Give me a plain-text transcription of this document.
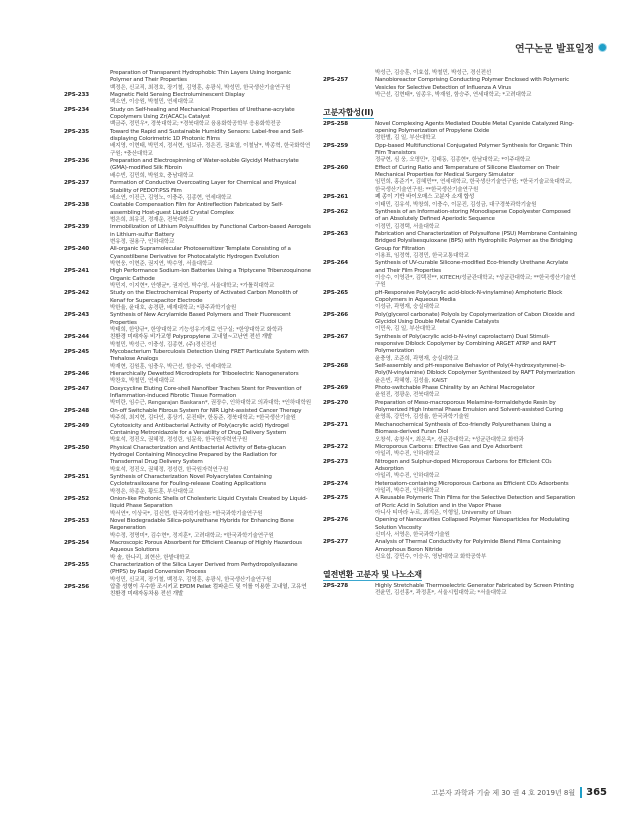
연구논문 발표일정
Preparation of Transparent Hydrophobic Thin Layers Using Inorganic Polymer and Their Properties
백정은, 신교직, 최경호, 장기철, 김영훈, 송광식, 박성민, 한국생산기술연구원
2PS-233	Magnetic Field Sensing Electroluminescent Display
백소연, 이승원, 박철민, 연세대학교
2PS-234	Study on Self-healing and Mechanical Properties of Urethane-acrylate Copolymers Using Zr(ACAC)₄ Catalyst
백금주, 정민우*, 경북대학교; *경북대학교 융용화학공학부 응용화학전공
2PS-235	Toward the Rapid and Sustainable Humidity Sensors: Label-free and Self-displaying Colorimetric 1D Photonic Films
배지영, 이현태, 박민지, 정서현, 임보규, 정은진, 권효열, 이철남*, 박종혁, 한국화학연구원; *충산대학교
2PS-236	Preparation and Electrospinning of Water-soluble Glycidyl Methacrylate (GMA)-modified Silk Fibroin
배수빈, 김민희, 박원호, 충남대학교
2PS-237	Formation of Conductive Overcoating Layer for Chemical and Physical Stability of PEDOT:PSS Film
배소연, 이진근, 김영노, 이충주, 김종현, 연세대학교
2PS-238	Coatable Compensation Film for Antireflection Fabricated by Self-assembling Host-guest Liquid Crystal Complex
범은희, 최유진, 정재운, 전북대학교
2PS-239	Immobilization of Lithium Polysulfides by Functional Carbon-based Aerogels in Lithium-sulfur Battery
변유정, 권용구, 인하대학교
2PS-240	All-organic Supramolecular Photosensitizer Template Consisting of a Cyanostilbene Derivative for Photocatalytic Hydrogen Evolution
박현웅, 이현준, 권지연, 박수영, 서울대학교
2PS-241	High Performance Sodium-ion Batteries Using a Triptycene Tribenzoquinone Organic Cathode
박민지, 이지현*, 안행균*, 권지연, 박수영, 서울대학교; *가톨릭대학교
2PS-242	Study on the Electrochemical Property of Activated Carbon Monolith of Kenaf for Supercapacitor Electrode
박한율, 윤대호, 송경판, 배재대학교; *광주과학기술원
2PS-243	Synthesis of New Acrylamide Based Polymers and Their Fluorescent Properties
박태희, 한양규*, 한양대학교 기능성유기재료 연구실; *한양대학교 화학과
2PS-244	친환경 미래자동 비가교형 Polypropylene 고내열~고난연 전선 개발
박철민, 박성근, 이충성, 김종현, (주)경신전선
2PS-245	Mycobacterium Tuberculosis Detection Using FRET Particulate System with Trehalose Analogs
박재현, 김원훈, 임충우, 박근선, 함승주, 연세대학교
2PS-246	Hierarchically Dewetted Microdroplets for Triboelectric Nanogenerators
박찬호, 박철민, 연세대학교
2PS-247	Doxycycline Eluting Core-shell Nanofiber Traches Stent for Prevention of Inflammation-induced Fibrotic Tissue Formation
박미란, 임수근, Rengarajan Baskaran*, 권장수, 인하대학교 의과대학; *인하대학원
2PS-248	On-off Switchable Fibrous System for NIR Light-assisted Cancer Therapy
박주희, 최지현, 김다인, 홍상기, 문진태*, 한동준, 경북대학교; *한국생산기술원
2PS-249	Cytotoxicity and Antibacterial Activity of Poly(acrylic acid) Hydrogel Containing Metronidazole for a Versatility of Drug Delivery System
박효석, 정진오, 권혜정, 정성린, 임문육, 한국원자력연구원
2PS-250	Physical Characterization and Antibacterial Activity of Beta-glucan Hydrogel Containing Minocycline Prepared by the Radiation for Transdermal Drug Delivery System
박효석, 정진오, 권혜정, 정성린, 한국원자력연구원
2PS-251	Synthesis of Characterization Novel Polyacrylates Containing Cyclotetrasiloxane for Fouling-release Coating Applications
박정은, 하종운, 황도훈, 부산대학교
2PS-252	Onion-like Photonic Shells of Cholesteric Liquid Crystals Created by Liquid-liquid Phase Separation
박서연*, 이상국*, 김신현, 한국과학기술원; *한국과학기술연구원
2PS-253	Novel Biodegradable Silica-polyurethane Hybrids for Enhancing Bone Regeneration
박수정, 정명미*, 김수현*, 정지훈*, 고려대학교; *한국과학기술연구원
2PS-254	Macroscopic Porous Absorbent for Efficient Cleanup of Highly Hazardous Aqueous Solutions
박 솔, 한나리, 최현산, 한밭대학교
2PS-255	Characterization of the Silica Layer Derived from Perhydropolysilazane (PHPS) by Rapid Conversion Process
박성민, 신교직, 장기철, 백정우, 김영훈, 송광식, 한국생산기술연구원
2PS-256	압출 성형이 우수한 조시키교 EPDM Pellet 컴파운드 및 이를 이용한 고내열, 고유연 친환경 미래자동차용 전선 개발
박성근, 김승훈, 이효섭, 박철민, 박성근, 경신전선
2PS-257	Nanobioreactor Comprising Conducting Polymer Enclosed with Polymeric Vesicles for Selective Detection of Influenza A Virus
박근선, 김현태*, 임종우, 박재원, 함승주, 연세대학교; *고려대학교
고분자합성(II)
2PS-258	Novel Complexing Agents Mediated Double Metal Cyanide Catalyzed Ring-opening Polymerization of Propylene Oxide
정한별, 김 일, 부산대학교
2PS-259	Dpp-based Multifunctional Conjugated Polymer Synthesis for Organic Thin Film Transistors
정규현, 심 웅, 오명민*, 김태동, 김종현*, 한남대학교; *이주대학교
2PS-260	Effect of Curing Ratio and Temperature of Silicone Elastomer on Their Mechanical Properties for Medical Surgery Simulator
임민희, 홍준기*, 김혜민**, 연세대학교, 한국생산기술연구원; *한국기술교육대학교, 한국생산기술연구원; **한국생산기술연구원
2PS-261	폐 종이 기반 바이오매스 고분자 소재 합성
이태민, 김유석, 박창희, 이충수, 이문진, 김성금, 대구경북과학기술원
2PS-262	Synthesis of an Information-storing Monodisperse Copolyester Composed of an Absolutely Defined Aperiodic Sequence
이정민, 김경택, 서울대학교
2PS-263	Fabrication and Characterization of Polysulfone (PSU) Membrane Containing Bridged Polysilsesquioxane (BPS) with Hydrophilic Polymer as the Bridging Group for Filtration
이용표, 임정혁, 김경민, 한국교통대학교
2PS-264	Synthesis of UV-curable Silicone-modified Eco-friendly Urethane Acrylate and Their Film Properties
이승수, 이영관*, 김택진**, KITECH/성균관대학교; *성균관대학교; **한국생산기술연구원
2PS-265	pH-Responsive Poly(acrylic acid-block-N-vinylamine) Amphoteric Block Copolymers in Aqueous Media
이성규, 곽명재, 숭실대학교
2PS-266	Poly(glycerol carbonate) Polyols by Copolymerization of Cabon Dioxide and Glycidol Using Double Metal Cyanide Catalysts
이민욱, 김 일, 부산대학교
2PS-267	Synthesis of Poly(acrylic acid-b-N-vinyl caprolactam) Dual Stimuli-responsive Diblock Copolymer by Combining ARGET ATRP and RAFT Polymerization
윤충영, 조준희, 곽명재, 숭실대학교
2PS-268	Self-assembly and pH-responsive Behavior of Poly(4-hydroxystyrene)-b-Poly(N-vinylamine) Diblock Copolymer Synthesized by RAFT Polymerization
윤은빈, 곽혜형, 김성율, KAIST
2PS-269	Photo-switchable Phase Chirality by an Achiral Macrogelator
윤원진, 정광운, 전북대학교
2PS-270	Preparation of Meso-macroporous Melamine-formaldehyde Resin by Polymerized High Internal Phase Emulsion and Solvent-assisted Curing
윤영록, 강민아, 김성율, 한국과학기술원
2PS-271	Mechanochemical Synthesis of Eco-friendly Polyurethanes Using a Biomass-derived Furan Diol
오창석, 송창식*, 최은옥*, 성균관대학교; *성균관대학교 화학과
2PS-272	Microporous Carbons: Effective Gas and Dye Adsorbent
아일리, 박수진, 인하대학교
2PS-273	Nitrogen and Sulphur-doped Microporous Carbons for Efficient CO₂ Adsorption
아일리, 박수진, 인하대학교
2PS-274	Heteroatom-containing Microporous Carbons as Efficient CO₂ Adsorbents
아일리, 박수진, 인하대학교
2PS-275	A Reusable Polymeric Thin Films for the Selective Detection and Separation of Picric Acid in Solution and in the Vapor Phase
아니사 티마라 누르, 최지은, 이형일, University of Ulsan
2PS-276	Opening of Nanocavities Collapsed Polymer Nanoparticles for Modulating Solution Viscosity
신미사, 서영은, 한국과학기술원
2PS-277	Analysis of Thermal Conductivity for Polyimide Blend Films Containing Amorphous Boron Nitride
신요섭, 강민수, 이승우, 영남대학교 화학공학부
열전변환 고분자 및 나노소재
2PS-278	Highly Stretchable Thermoelectric Generator Fabricated by Screen Printing
전윤민, 김선홍*, 곽정훈*, 서울시립대학교; *서울대학교
고분자 과학과 기술 제 30 권 4 호 2019년 8월	365
